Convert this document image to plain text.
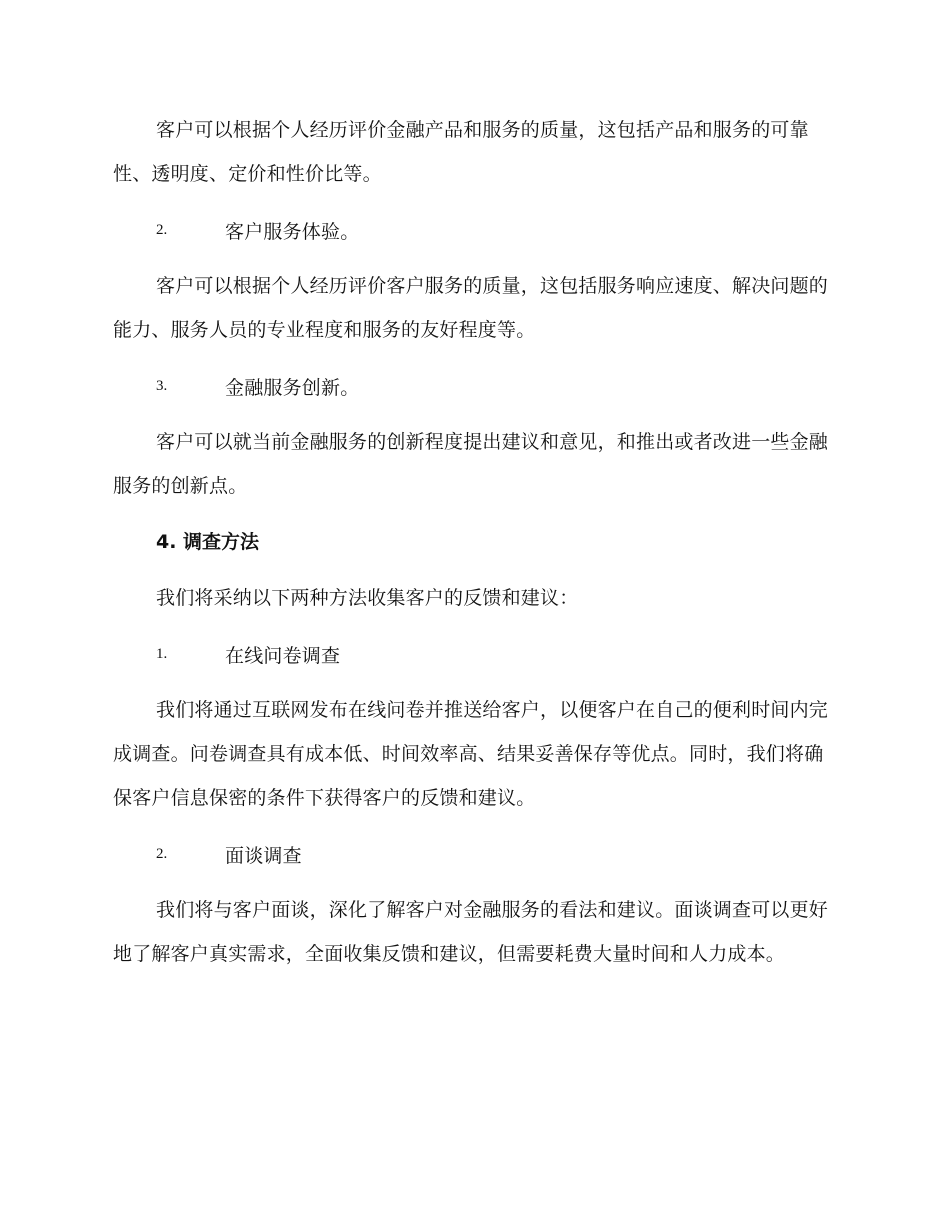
客户可以根据个人经历评价金融产品和服务的质量，这包括产品和服务的可靠性、透明度、定价和性价比等。

2.	客户服务体验。

客户可以根据个人经历评价客户服务的质量，这包括服务响应速度、解决问题的能力、服务人员的专业程度和服务的友好程度等。

3.	金融服务创新。

客户可以就当前金融服务的创新程度提出建议和意见，和推出或者改进一些金融服务的创新点。

4. 调查方法

我们将采纳以下两种方法收集客户的反馈和建议：

1.	在线问卷调查

我们将通过互联网发布在线问卷并推送给客户，以便客户在自己的便利时间内完成调查。问卷调查具有成本低、时间效率高、结果妥善保存等优点。同时，我们将确保客户信息保密的条件下获得客户的反馈和建议。

2.	面谈调查

我们将与客户面谈，深化了解客户对金融服务的看法和建议。面谈调查可以更好地了解客户真实需求，全面收集反馈和建议，但需要耗费大量时间和人力成本。
